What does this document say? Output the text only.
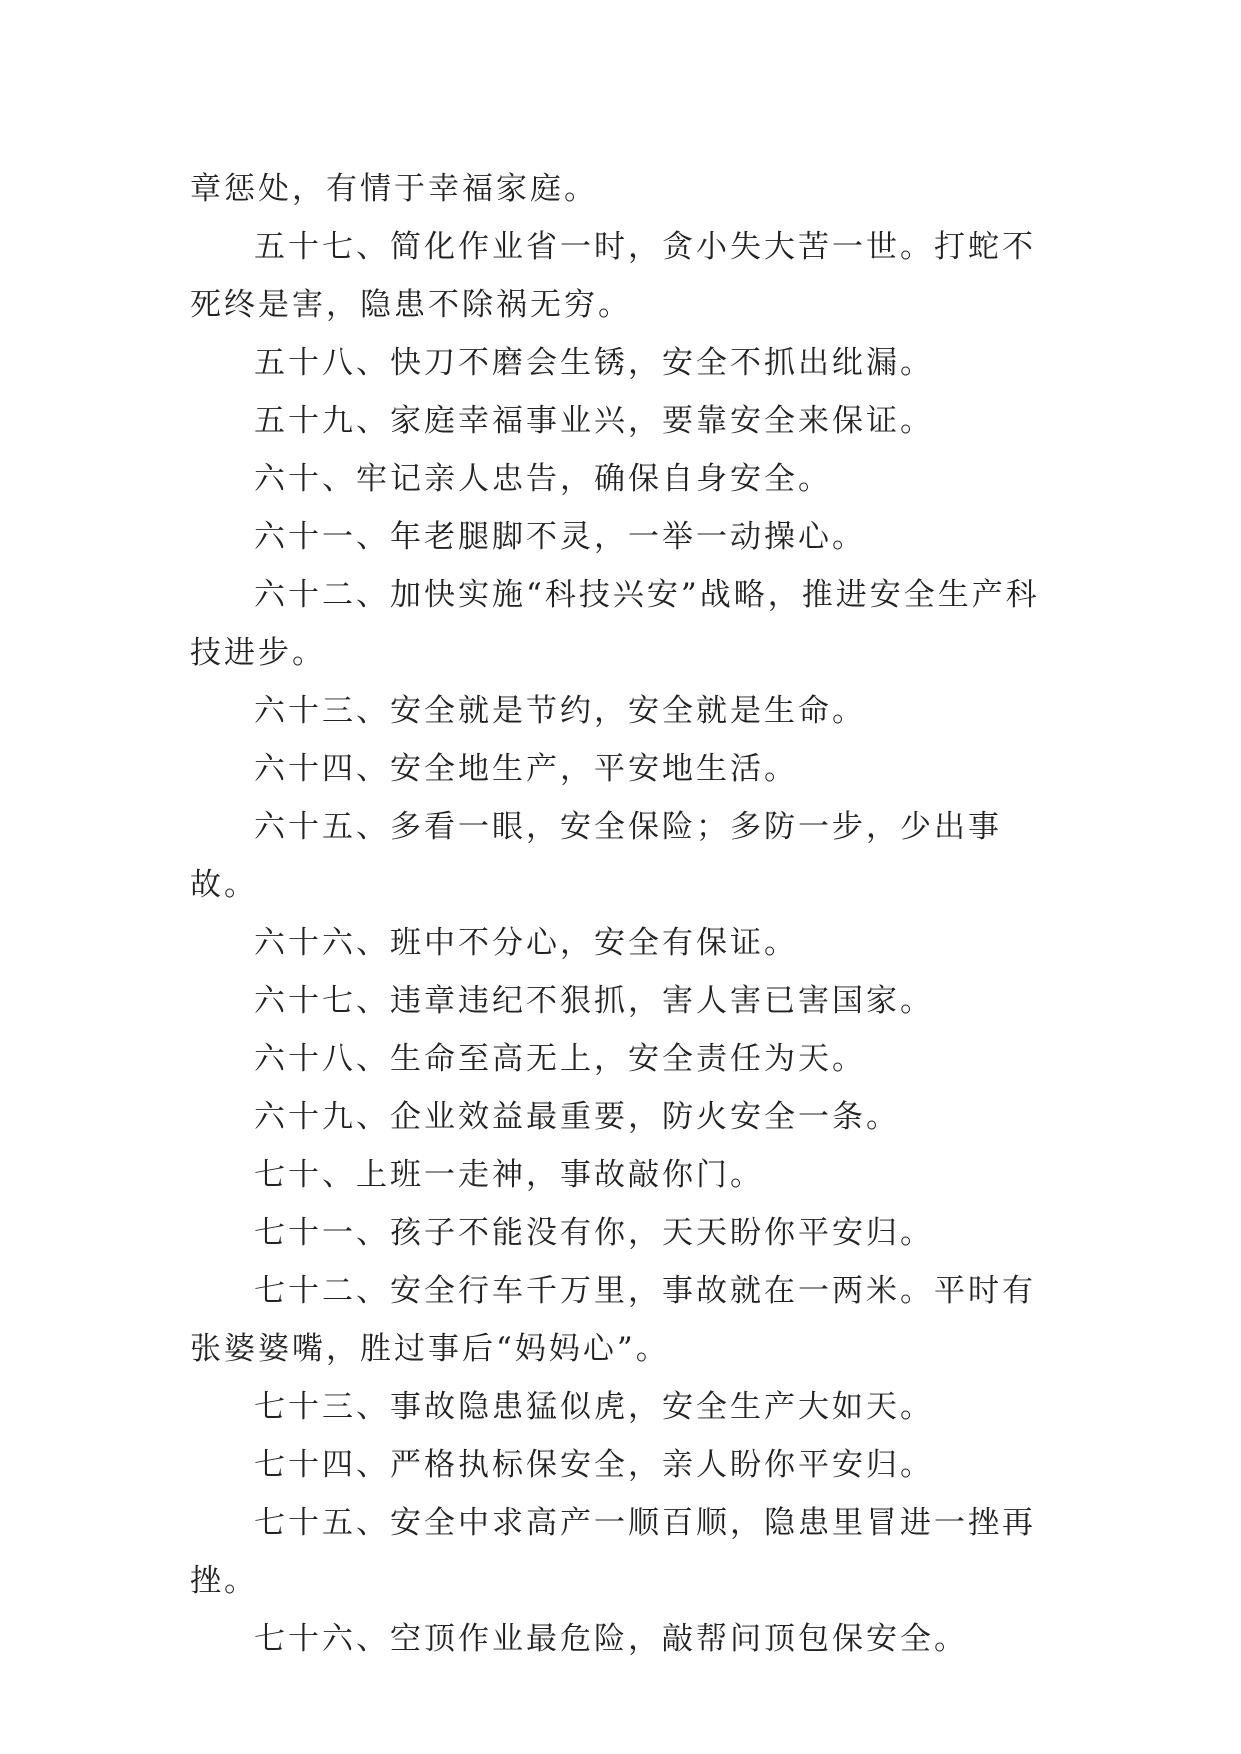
章惩处，有情于幸福家庭。

五十七、简化作业省一时，贪小失大苦一世。打蛇不死终是害，隐患不除祸无穷。

五十八、快刀不磨会生锈，安全不抓出纰漏。

五十九、家庭幸福事业兴，要靠安全来保证。

六十、牢记亲人忠告，确保自身安全。

六十一、年老腿脚不灵，一举一动操心。

六十二、加快实施“科技兴安”战略，推进安全生产科技进步。

六十三、安全就是节约，安全就是生命。

六十四、安全地生产，平安地生活。

六十五、多看一眼，安全保险；多防一步，少出事故。

六十六、班中不分心，安全有保证。

六十七、违章违纪不狠抓，害人害已害国家。

六十八、生命至高无上，安全责任为天。

六十九、企业效益最重要，防火安全一条。

七十、上班一走神，事故敲你门。

七十一、孩子不能没有你，天天盼你平安归。

七十二、安全行车千万里，事故就在一两米。平时有张婆婆嘴，胜过事后“妈妈心”。

七十三、事故隐患猛似虎，安全生产大如天。

七十四、严格执标保安全，亲人盼你平安归。

七十五、安全中求高产一顺百顺，隐患里冒进一挫再挫。

七十六、空顶作业最危险，敲帮问顶包保安全。
